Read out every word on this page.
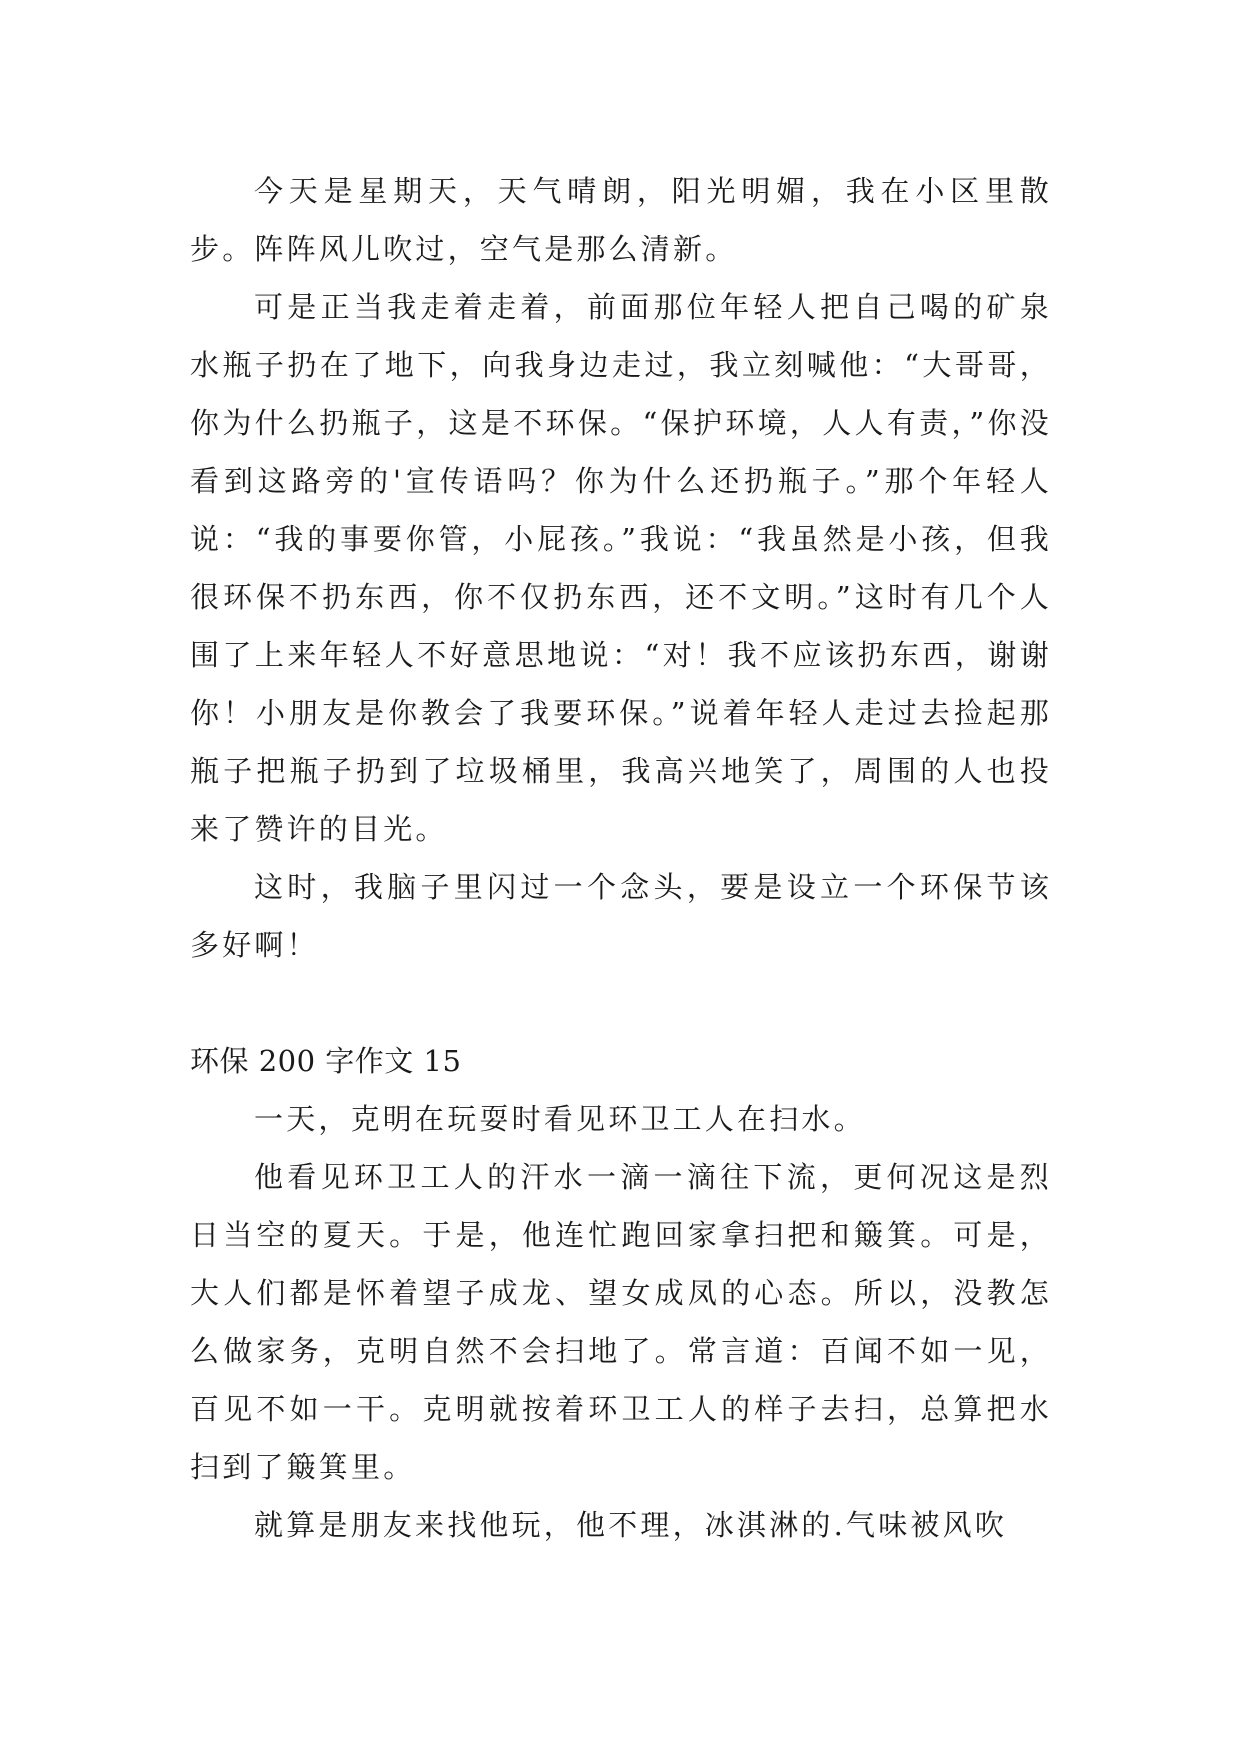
今天是星期天，天气晴朗，阳光明媚，我在小区里散步。阵阵风儿吹过，空气是那么清新。

可是正当我走着走着，前面那位年轻人把自己喝的矿泉水瓶子扔在了地下，向我身边走过，我立刻喊他：“大哥哥，你为什么扔瓶子，这是不环保。“保护环境，人人有责，”你没看到这路旁的'宣传语吗？你为什么还扔瓶子。”那个年轻人说：“我的事要你管，小屁孩。”我说：“我虽然是小孩，但我很环保不扔东西，你不仅扔东西，还不文明。”这时有几个人围了上来年轻人不好意思地说：“对！我不应该扔东西，谢谢你！小朋友是你教会了我要环保。”说着年轻人走过去捡起那瓶子把瓶子扔到了垃圾桶里，我高兴地笑了，周围的人也投来了赞许的目光。

这时，我脑子里闪过一个念头，要是设立一个环保节该多好啊！

环保 200 字作文 15

一天，克明在玩耍时看见环卫工人在扫水。

他看见环卫工人的汗水一滴一滴往下流，更何况这是烈日当空的夏天。于是，他连忙跑回家拿扫把和簸箕。可是，大人们都是怀着望子成龙、望女成凤的心态。所以，没教怎么做家务，克明自然不会扫地了。常言道：百闻不如一见，百见不如一干。克明就按着环卫工人的样子去扫，总算把水扫到了簸箕里。

就算是朋友来找他玩，他不理，冰淇淋的.气味被风吹
